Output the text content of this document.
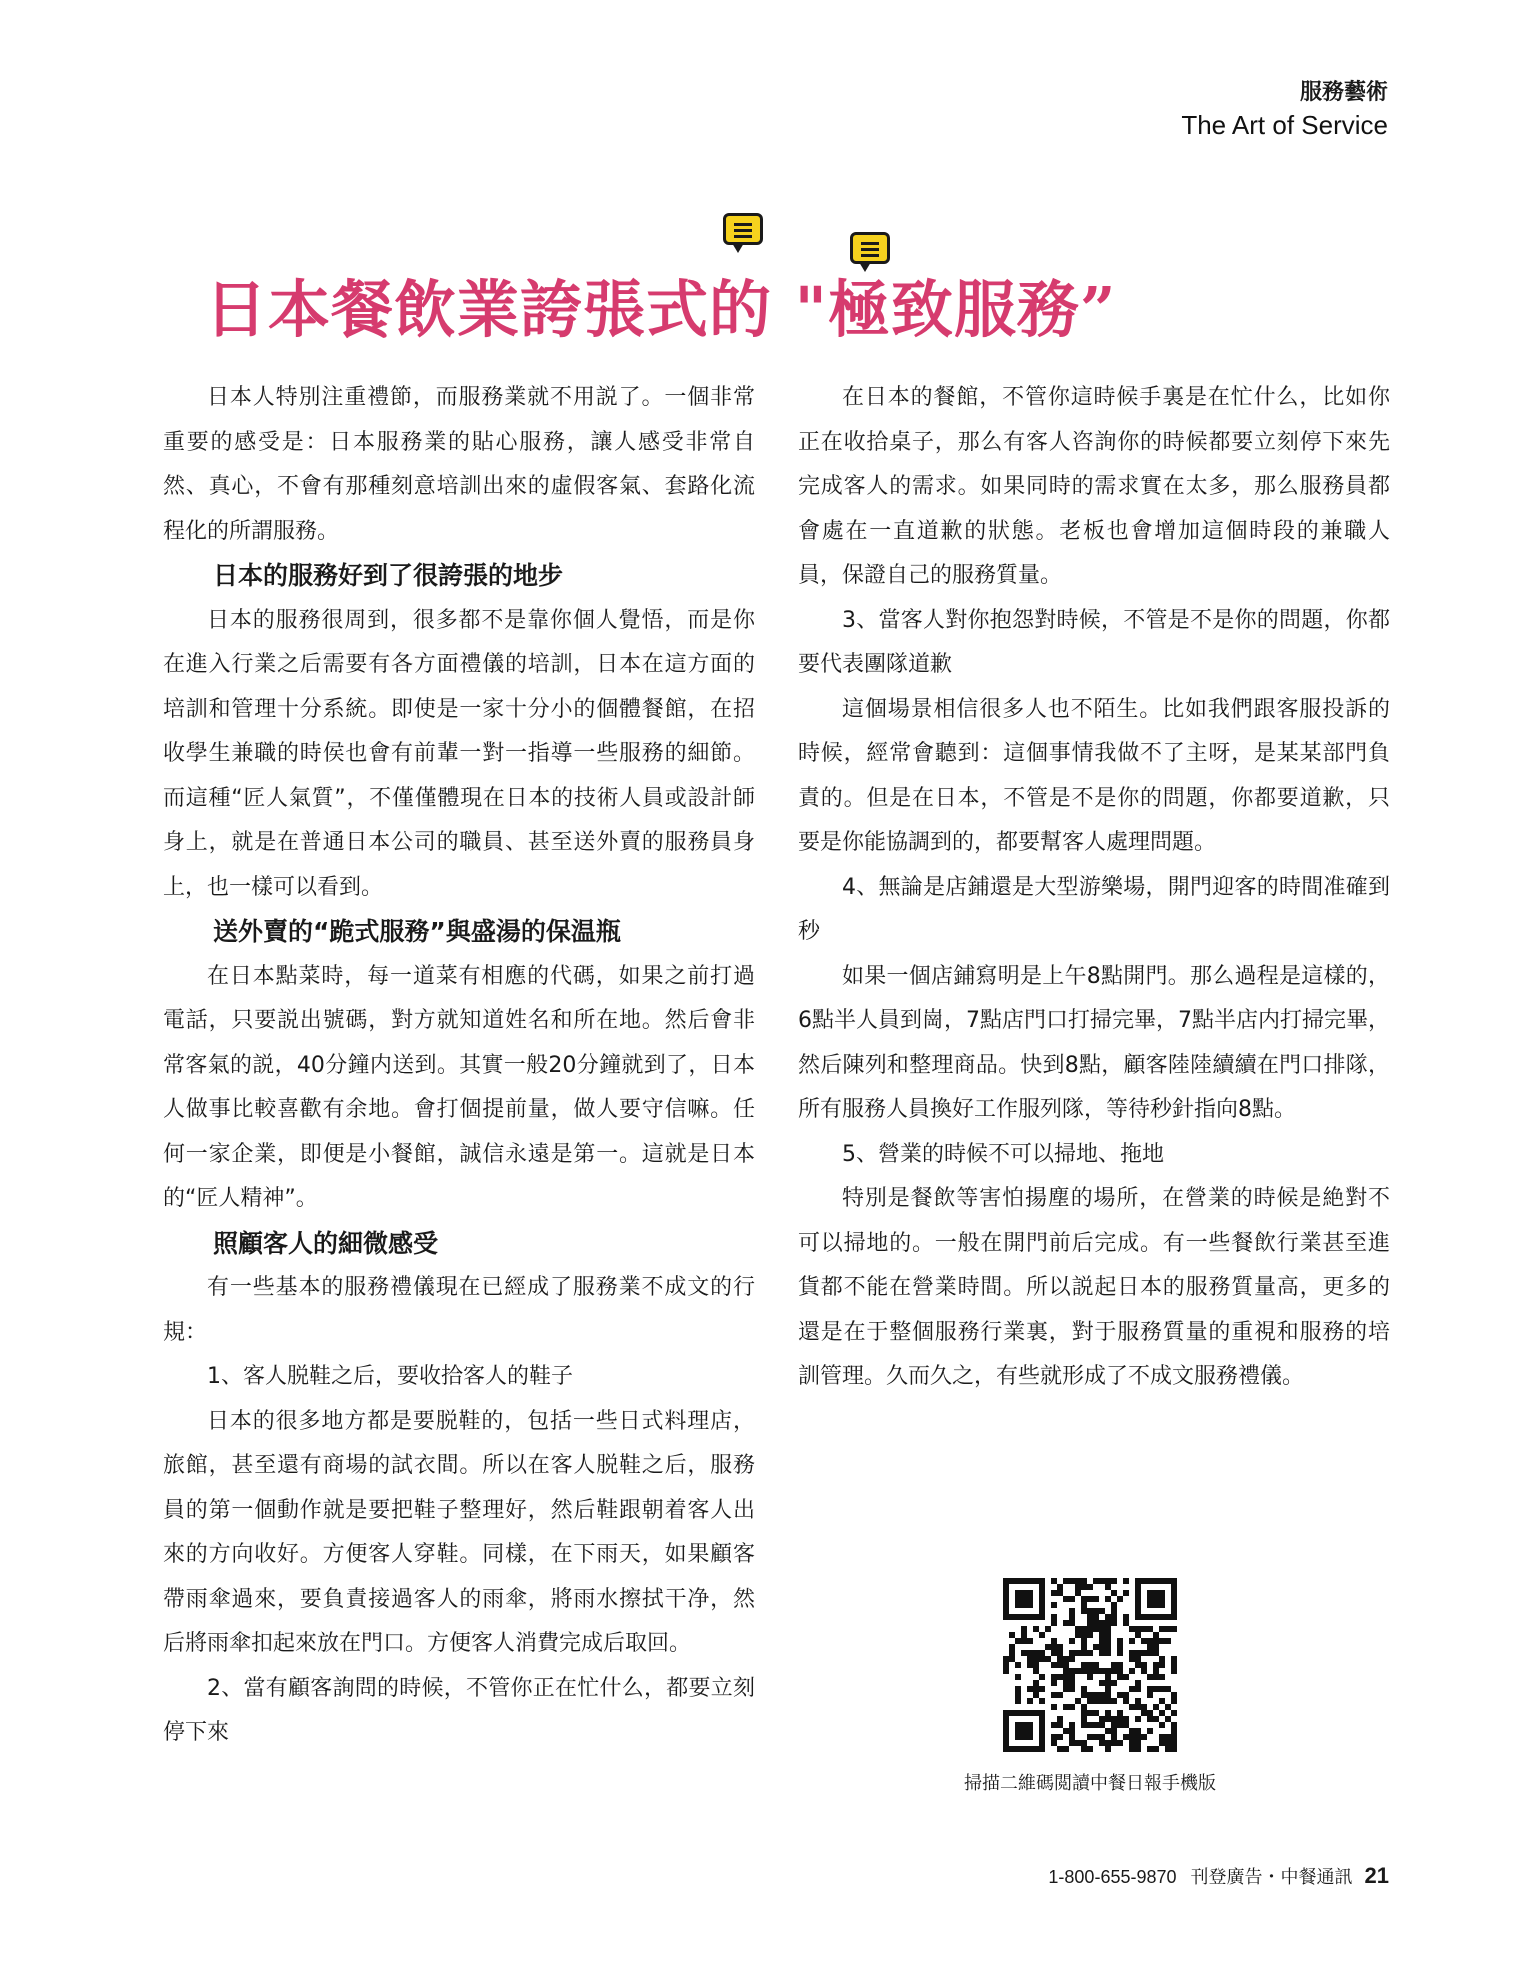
服務藝術
The Art of Service
日本餐飲業誇張式的 "極致服務”

日本人特別注重禮節，而服務業就不用説了。一個非常重要的感受是：日本服務業的貼心服務，讓人感受非常自然、真心，不會有那種刻意培訓出來的虛假客氣、套路化流程化的所謂服務。

日本的服務好到了很誇張的地步

日本的服務很周到，很多都不是靠你個人覺悟，而是你在進入行業之后需要有各方面禮儀的培訓，日本在這方面的培訓和管理十分系統。即使是一家十分小的個體餐館，在招收學生兼職的時侯也會有前輩一對一指導一些服務的細節。而這種“匠人氣質”，不僅僅體現在日本的技術人員或設計師身上，就是在普通日本公司的職員、甚至送外賣的服務員身上，也一樣可以看到。

送外賣的“跪式服務”與盛湯的保温瓶

在日本點菜時，每一道菜有相應的代碼，如果之前打過電話，只要説出號碼，對方就知道姓名和所在地。然后會非常客氣的説，40分鐘内送到。其實一般20分鐘就到了，日本人做事比較喜歡有余地。會打個提前量，做人要守信嘛。任何一家企業，即便是小餐館，誠信永遠是第一。這就是日本的“匠人精神”。

照顧客人的細微感受

有一些基本的服務禮儀現在已經成了服務業不成文的行規：

1、客人脱鞋之后，要收拾客人的鞋子

日本的很多地方都是要脱鞋的，包括一些日式料理店，旅館，甚至還有商場的試衣間。所以在客人脱鞋之后，服務員的第一個動作就是要把鞋子整理好，然后鞋跟朝着客人出來的方向收好。方便客人穿鞋。同樣，在下雨天，如果顧客帶雨傘過來，要負責接過客人的雨傘，將雨水擦拭干净，然后將雨傘扣起來放在門口。方便客人消費完成后取回。

2、當有顧客詢問的時候，不管你正在忙什么，都要立刻停下來

在日本的餐館，不管你這時候手裏是在忙什么，比如你正在收拾桌子，那么有客人咨詢你的時候都要立刻停下來先完成客人的需求。如果同時的需求實在太多，那么服務員都會處在一直道歉的狀態。老板也會增加這個時段的兼職人員，保證自己的服務質量。

3、當客人對你抱怨對時候，不管是不是你的問題，你都要代表團隊道歉

這個場景相信很多人也不陌生。比如我們跟客服投訴的時候，經常會聽到：這個事情我做不了主呀，是某某部門負責的。但是在日本，不管是不是你的問題，你都要道歉，只要是你能協調到的，都要幫客人處理問題。

4、無論是店鋪還是大型游樂場，開門迎客的時間准確到秒

如果一個店鋪寫明是上午8點開門。那么過程是這樣的，6點半人員到崗，7點店門口打掃完畢，7點半店内打掃完畢，然后陳列和整理商品。快到8點，顧客陸陸續續在門口排隊，所有服務人員換好工作服列隊，等待秒針指向8點。

5、營業的時候不可以掃地、拖地

特別是餐飲等害怕揚塵的場所，在營業的時候是絶對不可以掃地的。一般在開門前后完成。有一些餐飲行業甚至進貨都不能在營業時間。所以説起日本的服務質量高，更多的還是在于整個服務行業裏，對于服務質量的重視和服務的培訓管理。久而久之，有些就形成了不成文服務禮儀。

掃描二維碼閲讀中餐日報手機版
1-800-655-9870 刊登廣告・中餐通訊 21
